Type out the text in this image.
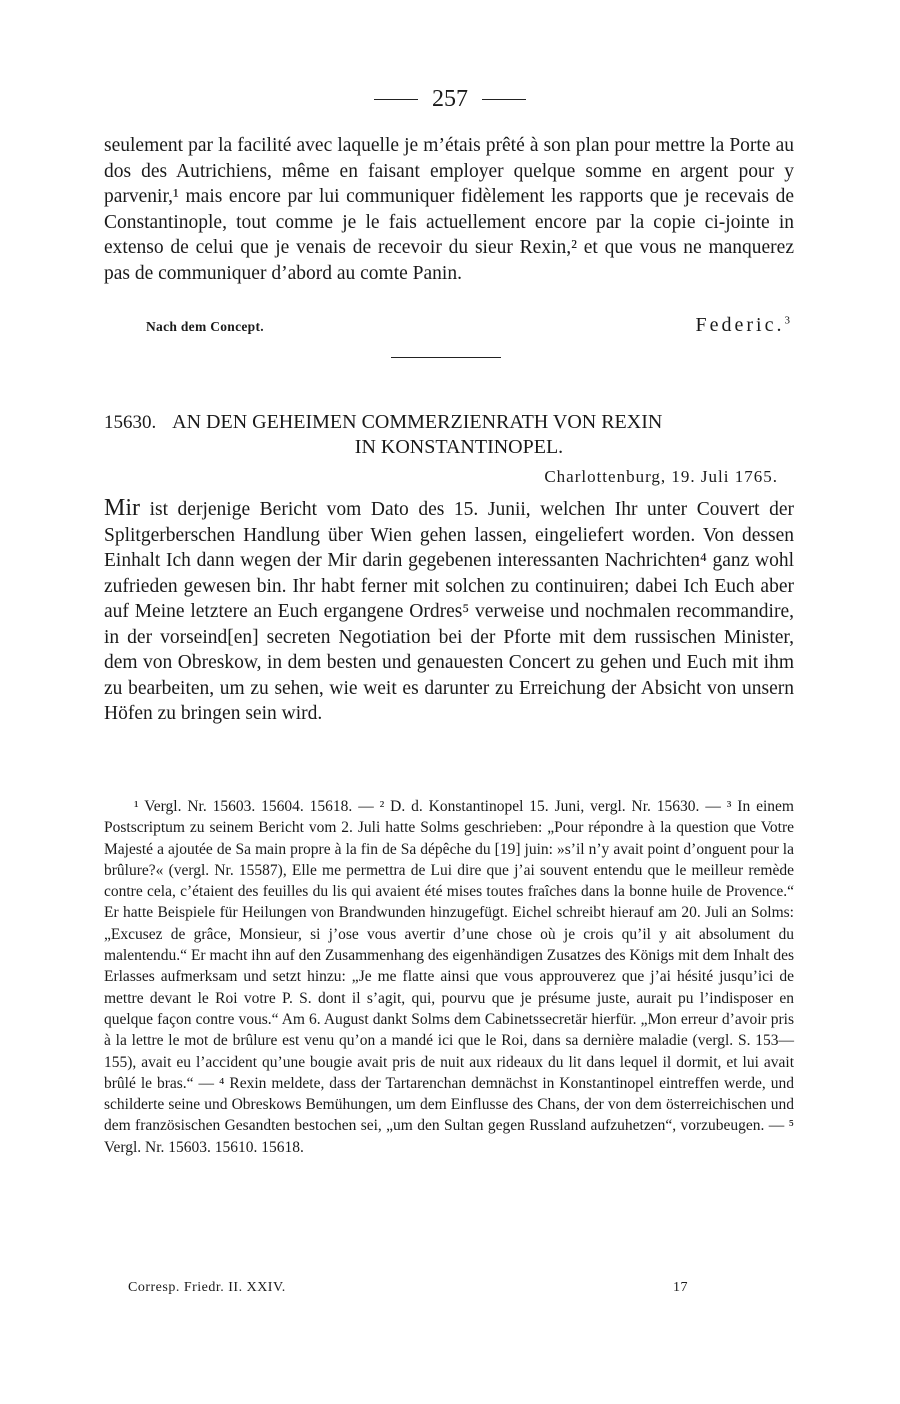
257
seulement par la facilité avec laquelle je m’étais prêté à son plan pour mettre la Porte au dos des Autrichiens, même en faisant employer quelque somme en argent pour y parvenir,¹ mais encore par lui communiquer fidèlement les rapports que je recevais de Constantinople, tout comme je le fais actuellement encore par la copie ci-jointe in extenso de celui que je venais de recevoir du sieur Rexin,² et que vous ne manquerez pas de communiquer d’abord au comte Panin.
Nach dem Concept.	Federic.$^3$
15630. AN DEN GEHEIMEN COMMERZIENRATH VON REXIN
IN KONSTANTINOPEL.
Charlottenburg, 19. Juli 1765.
Mir ist derjenige Bericht vom Dato des 15. Junii, welchen Ihr unter Couvert der Splitgerberschen Handlung über Wien gehen lassen, eingeliefert worden. Von dessen Einhalt Ich dann wegen der Mir darin gegebenen interessanten Nachrichten⁴ ganz wohl zufrieden gewesen bin. Ihr habt ferner mit solchen zu continuiren; dabei Ich Euch aber auf Meine letztere an Euch ergangene Ordres⁵ verweise und nochmalen recommandire, in der vorseind[en] secreten Negotiation bei der Pforte mit dem russischen Minister, dem von Obreskow, in dem besten und genauesten Concert zu gehen und Euch mit ihm zu bearbeiten, um zu sehen, wie weit es darunter zu Erreichung der Absicht von unsern Höfen zu bringen sein wird.
¹ Vergl. Nr. 15603. 15604. 15618. — ² D. d. Konstantinopel 15. Juni, vergl. Nr. 15630. — ³ In einem Postscriptum zu seinem Bericht vom 2. Juli hatte Solms geschrieben: „Pour répondre à la question que Votre Majesté a ajoutée de Sa main propre à la fin de Sa dépêche du [19] juin: »s’il n’y avait point d’onguent pour la brûlure?« (vergl. Nr. 15587), Elle me permettra de Lui dire que j’ai souvent entendu que le meilleur remède contre cela, c’étaient des feuilles du lis qui avaient été mises toutes fraîches dans la bonne huile de Provence.“ Er hatte Beispiele für Heilungen von Brandwunden hinzugefügt. Eichel schreibt hierauf am 20. Juli an Solms: „Excusez de grâce, Monsieur, si j’ose vous avertir d’une chose où je crois qu’il y ait absolument du malentendu.“ Er macht ihn auf den Zusammenhang des eigenhändigen Zusatzes des Königs mit dem Inhalt des Erlasses aufmerksam und setzt hinzu: „Je me flatte ainsi que vous approuverez que j’ai hésité jusqu’ici de mettre devant le Roi votre P. S. dont il s’agit, qui, pourvu que je présume juste, aurait pu l’indisposer en quelque façon contre vous.“ Am 6. August dankt Solms dem Cabinetssecretär hierfür. „Mon erreur d’avoir pris à la lettre le mot de brûlure est venu qu’on a mandé ici que le Roi, dans sa dernière maladie (vergl. S. 153—155), avait eu l’accident qu’une bougie avait pris de nuit aux rideaux du lit dans lequel il dormit, et lui avait brûlé le bras.“ — ⁴ Rexin meldete, dass der Tartarenchan demnächst in Konstantinopel eintreffen werde, und schilderte seine und Obreskows Bemühungen, um dem Einflusse des Chans, der von dem österreichischen und dem französischen Gesandten bestochen sei, „um den Sultan gegen Russland aufzuhetzen“, vorzubeugen. — ⁵ Vergl. Nr. 15603. 15610. 15618.
Corresp. Friedr. II. XXIV.	17
